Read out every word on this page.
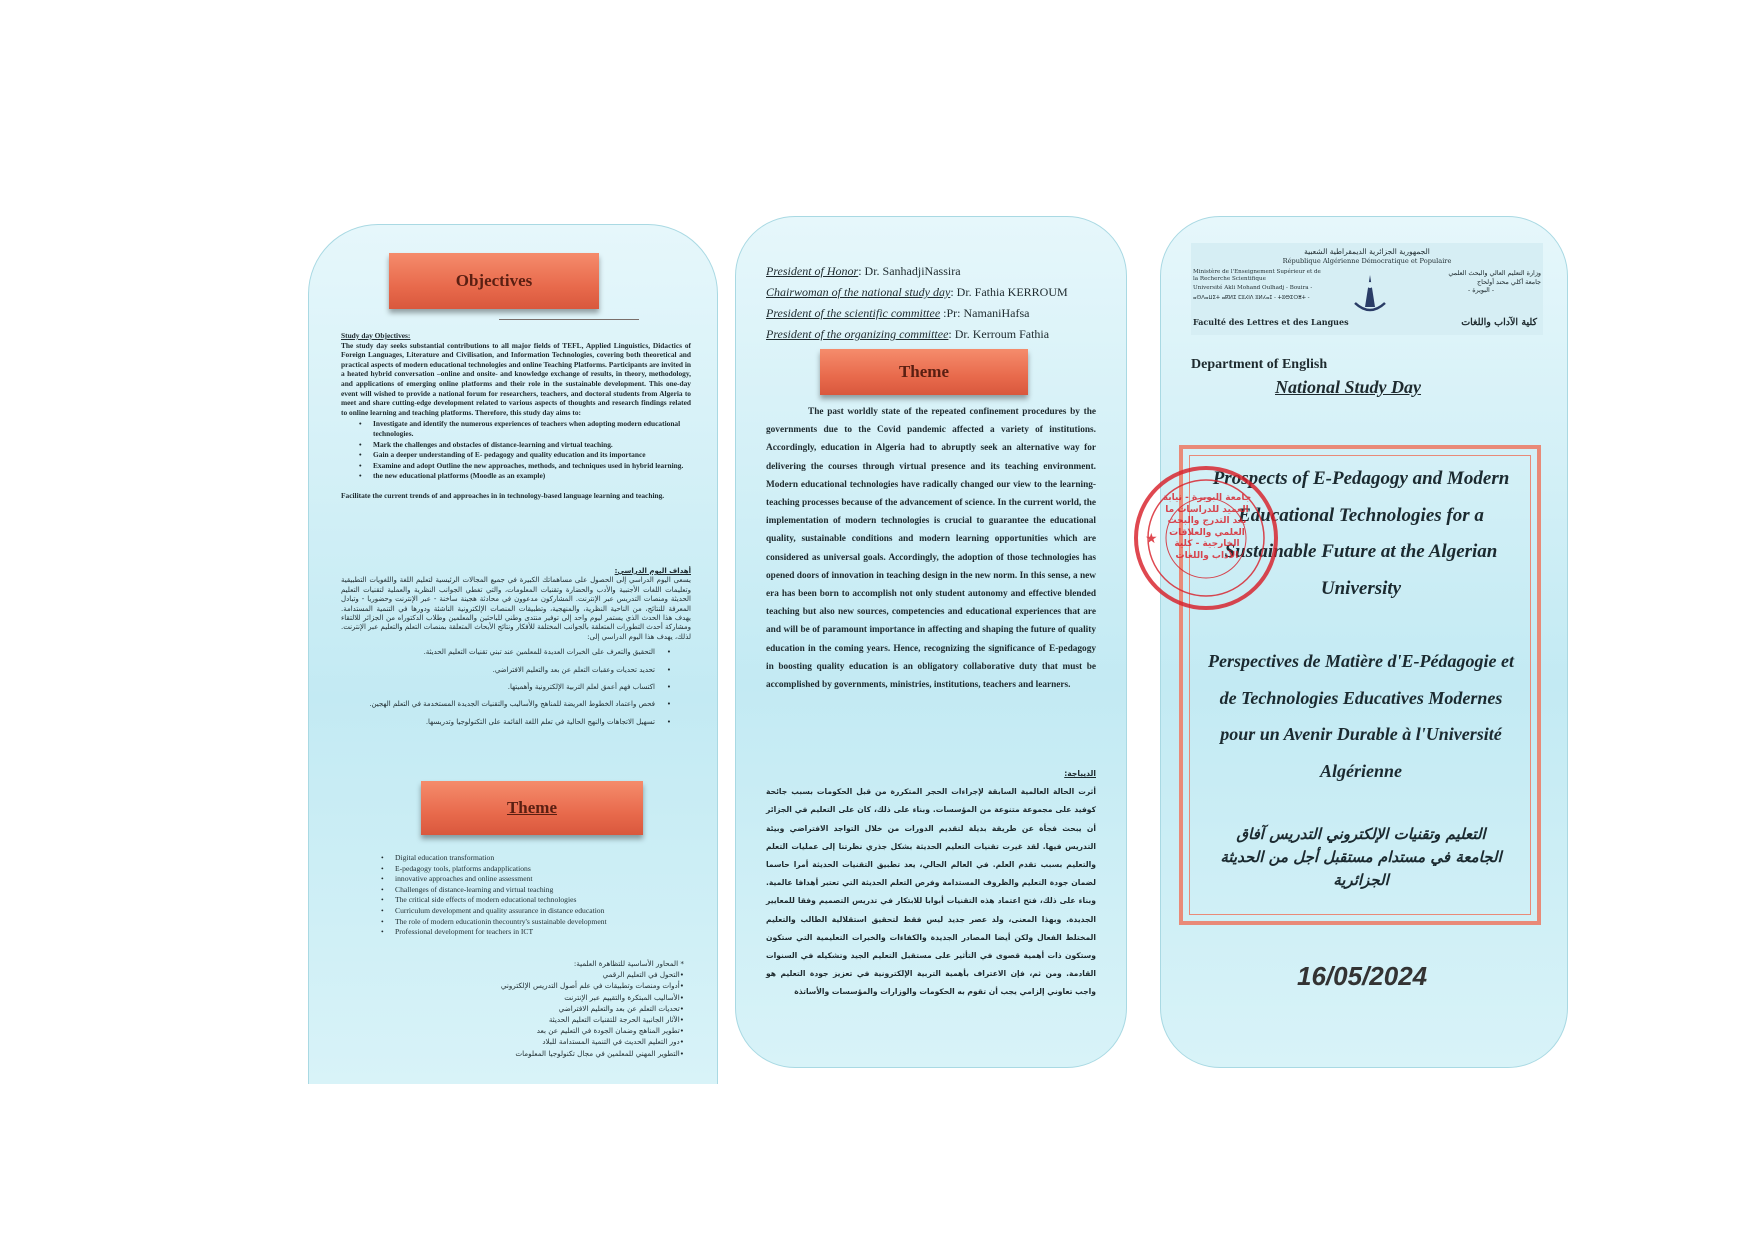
Objectives
Study day Objectives:
The study day seeks substantial contributions to all major fields of TEFL, Applied Linguistics, Didactics of Foreign Languages, Literature and Civilisation, and Information Technologies, covering both theoretical and practical aspects of modern educational technologies and online Teaching Platforms. Participants are invited in a heated hybrid conversation –online and onsite- and knowledge exchange of results, in theory, methodology, and applications of emerging online platforms and their role in the sustainable development. This one-day event will wished to provide a national forum for researchers, teachers, and doctoral students from Algeria to meet and share cutting-edge development related to various aspects of thoughts and research findings related to online learning and teaching platforms. Therefore, this study day aims to:
• Investigate and identify the numerous experiences of teachers when adopting modern educational technologies.
• Mark the challenges and obstacles of distance-learning and virtual teaching.
• Gain a deeper understanding of E- pedagogy and quality education and its importance
• Examine and adopt Outline the new approaches, methods, and techniques used in hybrid learning.
• the new educational platforms (Moodle as an example)
Facilitate the current trends of and approaches in in technology-based language learning and teaching.
أهداف اليوم الدراسي:
يسعى اليوم الدراسي إلى الحصول على مساهماتك الكبيرة في جميع المجالات الرئيسية لتعليم اللغة واللغويات التطبيقية وتعليمات اللغات الأجنبية والأدب والحضارة وتقنيات المعلومات، والتي تغطي الجوانب النظرية والعملية لتقنيات التعليم الحديثة ومنصات التدريس عبر الإنترنت. المشاركون مدعوون في محادثة هجينة ساخنة - عبر الإنترنت وحضوريا - وتبادل المعرفة للنتائج، من الناحية النظرية، والمنهجية، وتطبيقات المنصات الإلكترونية الناشئة ودورها في التنمية المستدامة. يهدف هذا الحدث الذي يستمر ليوم واحد إلى توفير منتدى وطني للباحثين والمعلمين وطلاب الدكتوراه من الجزائر للالتقاء ومشاركة أحدث التطورات المتعلقة بالجوانب المختلفة للأفكار ونتائج الأبحاث المتعلقة بمنصات التعلم والتعليم عبر الإنترنت. لذلك، يهدف هذا اليوم الدراسي إلى:
• التحقيق والتعرف على الخبرات العديدة للمعلمين عند تبني تقنيات التعليم الحديثة.
• تحديد تحديات وعقبات التعلم عن بعد والتعليم الافتراضي.
• اكتساب فهم أعمق لعلم التربية الإلكترونية وأهميتها.
• فحص واعتماد الخطوط العريضة للمناهج والأساليب والتقنيات الجديدة المستخدمة في التعلم الهجين.
• تسهيل الاتجاهات والنهج الحالية في تعلم اللغة القائمة على التكنولوجيا وتدريسها.
Theme
• Digital education transformation
• E-pedagogy tools, platforms andapplications
• innovative approaches and online assessment
• Challenges of distance-learning and virtual teaching
• The critical side effects of modern educational technologies
• Curriculum development and quality assurance in distance education
• The role of modern educationin thecountry's sustainable development
• Professional development for teachers in ICT
* المحاور الأساسية للتظاهرة العلمية:
•التحول في التعليم الرقمي
•أدوات ومنصات وتطبيقات في علم أصول التدريس الإلكتروني
•الأساليب المبتكرة والتقييم عبر الإنترنت
•تحديات التعلم عن بعد والتعليم الافتراضي
•الآثار الجانبية الحرجة للتقنيات التعليم الحديثة
•تطوير المناهج وضمان الجودة في التعليم عن بعد
•دور التعليم الحديث في التنمية المستدامة للبلاد
•التطوير المهني للمعلمين في مجال تكنولوجيا المعلومات
President of Honor: Dr. SanhadjiNassira
Chairwoman of the national study day: Dr. Fathia KERROUM
President of the scientific committee :Pr: NamaniHafsa
President of the organizing committee: Dr. Kerroum Fathia
Theme
The past worldly state of the repeated confinement procedures by the governments due to the Covid pandemic affected a variety of institutions. Accordingly, education in Algeria had to abruptly seek an alternative way for delivering the courses through virtual presence and its teaching environment. Modern educational technologies have radically changed our view to the learning- teaching processes because of the advancement of science. In the current world, the implementation of modern technologies is crucial to guarantee the educational quality, sustainable conditions and modern learning opportunities which are considered as universal goals. Accordingly, the adoption of those technologies has opened doors of innovation in teaching design in the new norm. In this sense, a new era has been born to accomplish not only student autonomy and effective blended teaching but also new sources, competencies and educational experiences that are and will be of paramount importance in affecting and shaping the future of quality education in the coming years. Hence, recognizing the significance of E-pedagogy in boosting quality education is an obligatory collaborative duty that must be accomplished by governments, ministries, institutions, teachers and learners.
الديباجة:
أثرت الحالة العالمية السابقة لإجراءات الحجر المتكررة من قبل الحكومات بسبب جائحة كوفيد على مجموعة متنوعة من المؤسسات. وبناء على ذلك، كان على التعليم في الجزائر أن يبحث فجأة عن طريقة بديلة لتقديم الدورات من خلال التواجد الافتراضي وبيئة التدريس فيها. لقد غيرت تقنيات التعليم الحديثة بشكل جذري نظرتنا إلى عمليات التعلم والتعليم بسبب تقدم العلم. في العالم الحالي، يعد تطبيق التقنيات الحديثة أمرا حاسما لضمان جودة التعليم والظروف المستدامة وفرص التعلم الحديثة التي تعتبر أهدافا عالمية. وبناء على ذلك، فتح اعتماد هذه التقنيات أبوابا للابتكار في تدريس التصميم وفقا للمعايير الجديدة. وبهذا المعنى، ولد عصر جديد ليس فقط لتحقيق استقلالية الطالب والتعليم المختلط الفعال ولكن أيضا المصادر الجديدة والكفاءات والخبرات التعليمية التي ستكون وستكون ذات أهمية قصوى في التأثير على مستقبل التعليم الجيد وتشكيله في السنوات القادمة. ومن ثم، فإن الاعتراف بأهمية التربية الإلكترونية في تعزيز جودة التعليم هو واجب تعاوني إلزامي يجب أن تقوم به الحكومات والوزارات والمؤسسات والأساتذة
الجمهورية الجزائرية الديمقراطية الشعبية
République Algérienne Démocratique et Populaire
Ministère de l'Enseignement Supérieur et de la Recherche Scientifique
Université Akli Mohand Oulhadj - Bouira -
ⴰⵙⴷⴰⵡⵉⵜ ⴰⴽⵍⵉ ⵎⵓⵃⵏⴷ ⵓⵍⵃⴰⵊ - ⵜⵓⴱⵉⵔⴻⵜ -
Faculté des Lettres et des Langues
وزارة التعليم العالي والبحث العلمي
جامعة أكلي محند أولحاج
- البويرة -
كلية الآداب واللغات
Department of English
National Study Day
Prospects of E-Pedagogy and Modern Educational Technologies for a Sustainable Future at the Algerian University
Perspectives de Matière d'E-Pédagogie et de Technologies Educatives Modernes pour un Avenir Durable à l'Université Algérienne
التعليم وتقنيات الإلكتروني التدريس آفاق الجامعة في مستدام مستقبل أجل من الحديثة الجزائرية
★
جامعة البويرة - نيابة العميد للدراسات ما بعد التدرج والبحث العلمي والعلاقات الخارجية - كلية الآداب واللغات
16/05/2024
